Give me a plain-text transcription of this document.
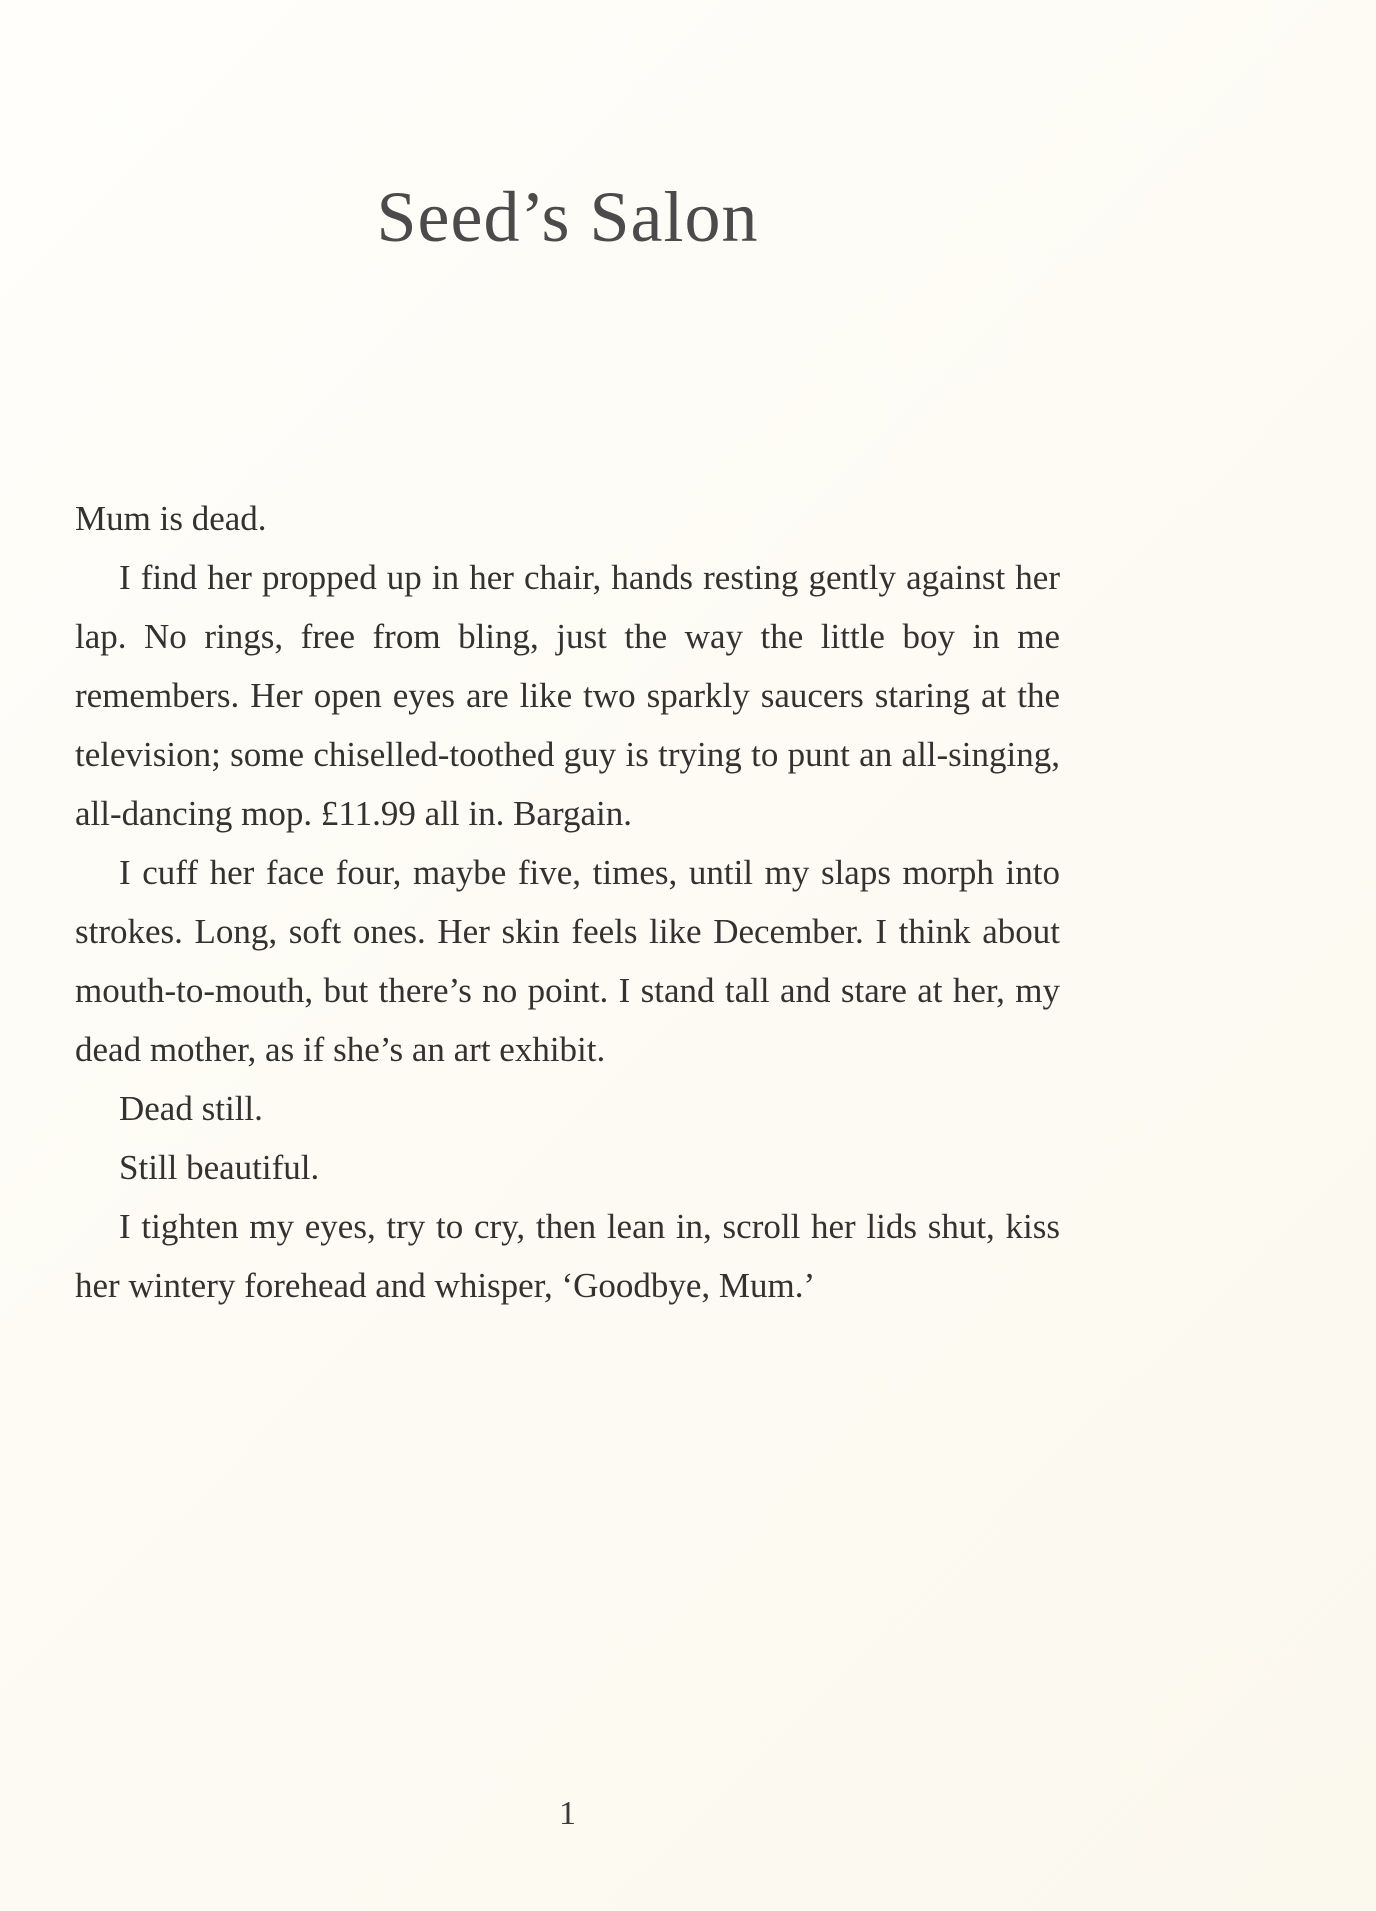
Seed’s Salon

Mum is dead.

I find her propped up in her chair, hands resting gently against her lap. No rings, free from bling, just the way the little boy in me remembers. Her open eyes are like two sparkly saucers staring at the television; some chiselled-toothed guy is trying to punt an all-singing, all-dancing mop. £11.99 all in. Bargain.

I cuff her face four, maybe five, times, until my slaps morph into strokes. Long, soft ones. Her skin feels like December. I think about mouth-to-mouth, but there’s no point. I stand tall and stare at her, my dead mother, as if she’s an art exhibit.

Dead still.

Still beautiful.

I tighten my eyes, try to cry, then lean in, scroll her lids shut, kiss her wintery forehead and whisper, ‘Goodbye, Mum.’

1
